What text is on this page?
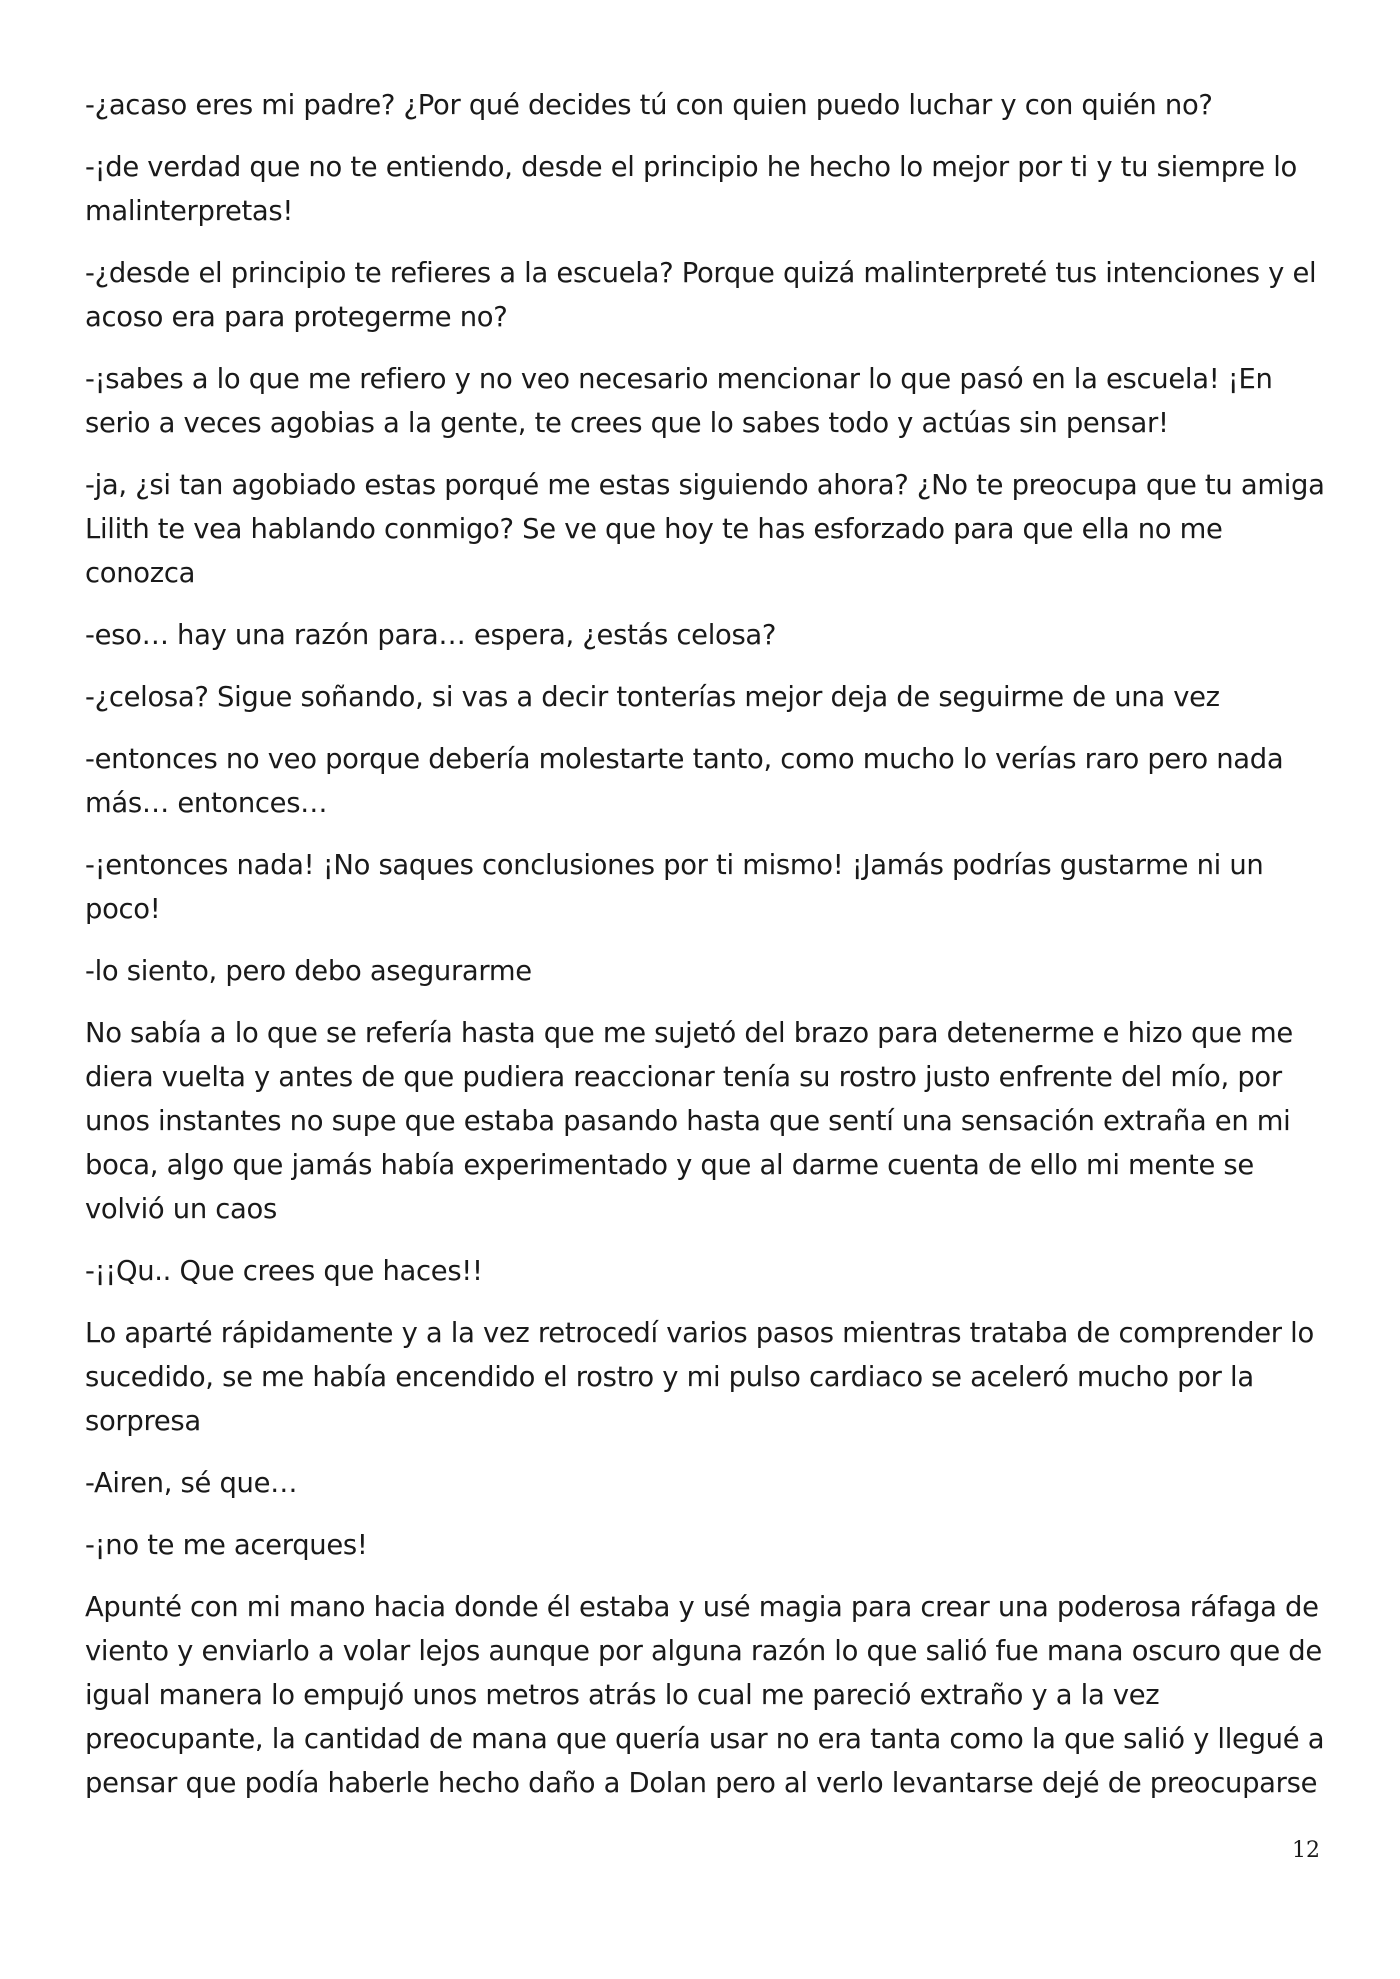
-¿acaso eres mi padre? ¿Por qué decides tú con quien puedo luchar y con quién no?

-¡de verdad que no te entiendo, desde el principio he hecho lo mejor por ti y tu siempre lo malinterpretas!

-¿desde el principio te refieres a la escuela? Porque quizá malinterpreté tus intenciones y el acoso era para protegerme no?

-¡sabes a lo que me refiero y no veo necesario mencionar lo que pasó en la escuela! ¡En serio a veces agobias a la gente, te crees que lo sabes todo y actúas sin pensar!

-ja, ¿si tan agobiado estas porqué me estas siguiendo ahora? ¿No te preocupa que tu amiga Lilith te vea hablando conmigo? Se ve que hoy te has esforzado para que ella no me conozca

-eso… hay una razón para… espera, ¿estás celosa?

-¿celosa? Sigue soñando, si vas a decir tonterías mejor deja de seguirme de una vez

-entonces no veo porque debería molestarte tanto, como mucho lo verías raro pero nada más… entonces…

-¡entonces nada! ¡No saques conclusiones por ti mismo! ¡Jamás podrías gustarme ni un poco!

-lo siento, pero debo asegurarme

No sabía a lo que se refería hasta que me sujetó del brazo para detenerme e hizo que me diera vuelta y antes de que pudiera reaccionar tenía su rostro justo enfrente del mío, por unos instantes no supe que estaba pasando hasta que sentí una sensación extraña en mi boca, algo que jamás había experimentado y que al darme cuenta de ello mi mente se volvió un caos

-¡¡Qu.. Que crees que haces!!

Lo aparté rápidamente y a la vez retrocedí varios pasos mientras trataba de comprender lo sucedido, se me había encendido el rostro y mi pulso cardiaco se aceleró mucho por la sorpresa

-Airen, sé que…

-¡no te me acerques!

Apunté con mi mano hacia donde él estaba y usé magia para crear una poderosa ráfaga de viento y enviarlo a volar lejos aunque por alguna razón lo que salió fue mana oscuro que de igual manera lo empujó unos metros atrás lo cual me pareció extraño y a la vez preocupante, la cantidad de mana que quería usar no era tanta como la que salió y llegué a pensar que podía haberle hecho daño a Dolan pero al verlo levantarse dejé de preocuparse

12
